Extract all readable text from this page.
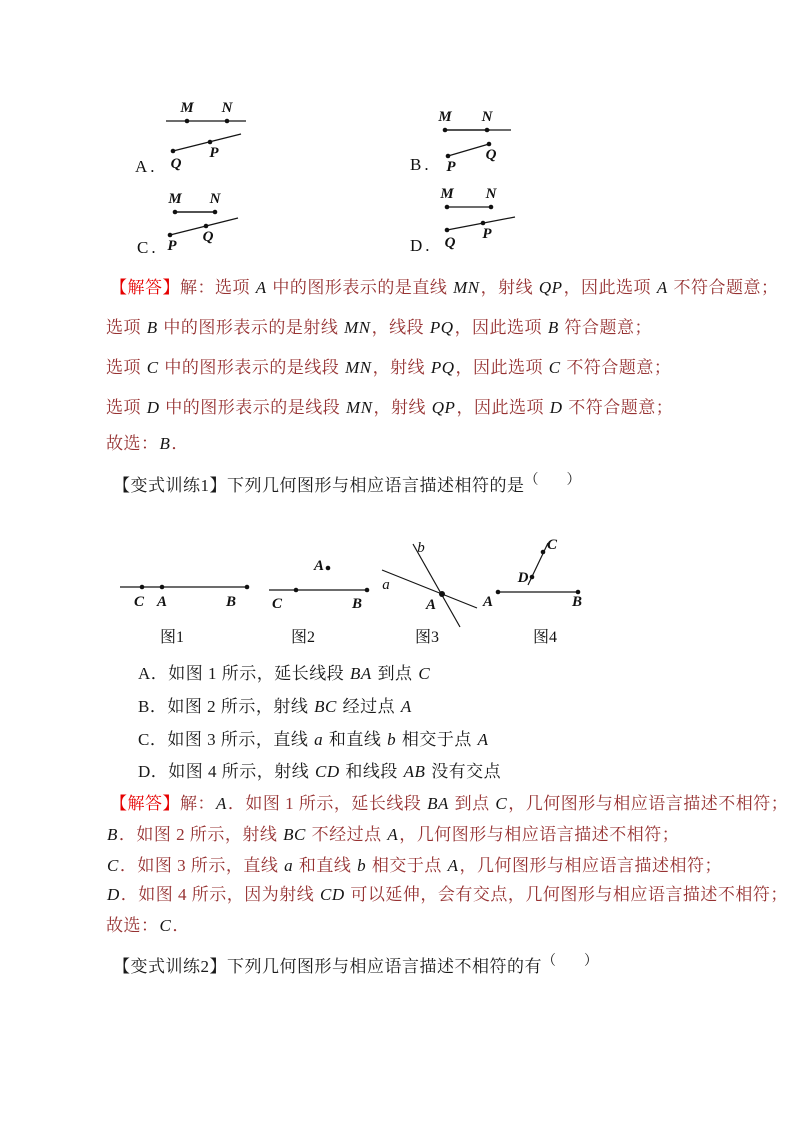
M N
Q
P
A.
M N
P
Q
B.
M N
P
Q
C.
M N
Q
P
D.
【解答】解：选项 A 中的图形表示的是直线 MN，射线 QP，因此选项 A 不符合题意；
选项 B 中的图形表示的是射线 MN，线段 PQ，因此选项 B 符合题意；
选项 C 中的图形表示的是线段 MN，射线 PQ，因此选项 C 不符合题意；
选项 D 中的图形表示的是线段 MN，射线 QP，因此选项 D 不符合题意；
故选：B．
【变式训练1】下列几何图形与相应语言描述相符的是（　　）
C A	B
图1
A
C	B
图2
b
a
A
图3
A	B
C
D
图4
A．如图 1 所示，延长线段 BA 到点 C
B．如图 2 所示，射线 BC 经过点 A
C．如图 3 所示，直线 a 和直线 b 相交于点 A
D．如图 4 所示，射线 CD 和线段 AB 没有交点
【解答】解：A．如图 1 所示，延长线段 BA 到点 C，几何图形与相应语言描述不相符；
B．如图 2 所示，射线 BC 不经过点 A，几何图形与相应语言描述不相符；
C．如图 3 所示，直线 a 和直线 b 相交于点 A，几何图形与相应语言描述相符；
D．如图 4 所示，因为射线 CD 可以延伸，会有交点，几何图形与相应语言描述不相符；
故选：C．
【变式训练2】下列几何图形与相应语言描述不相符的有（　　）
